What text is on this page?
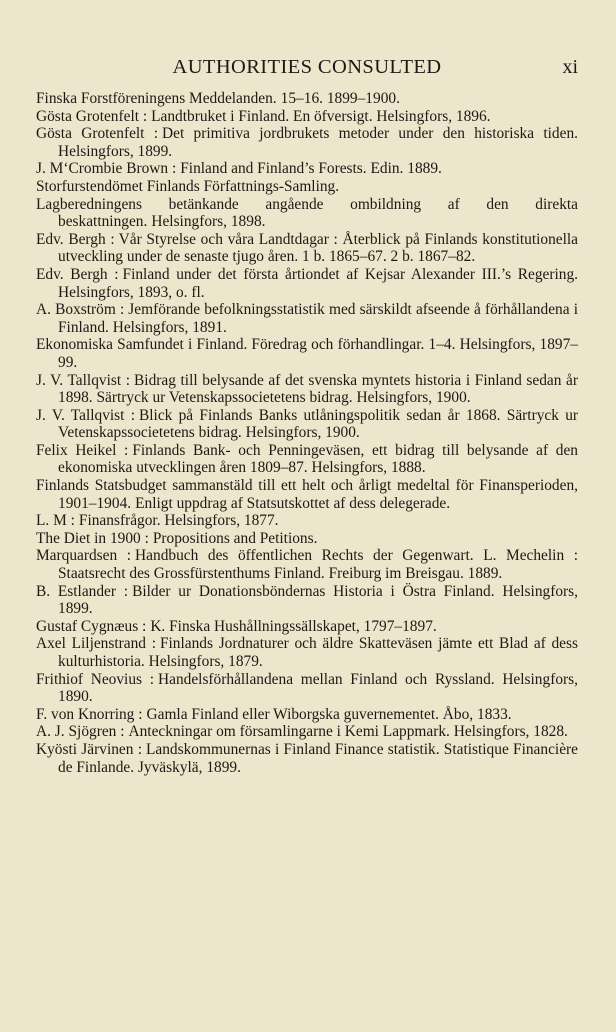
AUTHORITIES CONSULTED	xi
Finska Forstföreningens Meddelanden. 15–16. 1899–1900.
Gösta Grotenfelt : Landtbruket i Finland. En öfversigt. Helsingfors, 1896.
Gösta Grotenfelt : Det primitiva jordbrukets metoder under den historiska tiden. Helsingfors, 1899.
J. M‘Crombie Brown : Finland and Finland’s Forests. Edin. 1889.
Storfurstendömet Finlands Författnings-Samling.
Lagberedningens betänkande angående ombildning af den direkta beskattningen. Helsingfors, 1898.
Edv. Bergh : Vår Styrelse och våra Landtdagar : Återblick på Finlands konstitutionella utveckling under de senaste tjugo åren. 1 b. 1865–67. 2 b. 1867–82.
Edv. Bergh : Finland under det första årtiondet af Kejsar Alexander III.’s Regering. Helsingfors, 1893, o. fl.
A. Boxström : Jemförande befolkningsstatistik med särskildt afseende å förhållandena i Finland. Helsingfors, 1891.
Ekonomiska Samfundet i Finland. Föredrag och förhandlingar. 1–4. Helsingfors, 1897–99.
J. V. Tallqvist : Bidrag till belysande af det svenska myntets historia i Finland sedan år 1898. Särtryck ur Vetenskapssocietetens bidrag. Helsingfors, 1900.
J. V. Tallqvist : Blick på Finlands Banks utlåningspolitik sedan år 1868. Särtryck ur Vetenskapssocietetens bidrag. Helsingfors, 1900.
Felix Heikel : Finlands Bank- och Penningeväsen, ett bidrag till belysande af den ekonomiska utvecklingen åren 1809–87. Helsingfors, 1888.
Finlands Statsbudget sammanstäld till ett helt och årligt medeltal för Finansperioden, 1901–1904. Enligt uppdrag af Statsutskottet af dess delegerade.
L. M : Finansfrågor. Helsingfors, 1877.
The Diet in 1900 : Propositions and Petitions.
Marquardsen : Handbuch des öffentlichen Rechts der Gegenwart. L. Mechelin : Staatsrecht des Grossfürstenthums Finland. Freiburg im Breisgau. 1889.
B. Estlander : Bilder ur Donationsböndernas Historia i Östra Finland. Helsingfors, 1899.
Gustaf Cygnæus : K. Finska Hushållningssällskapet, 1797–1897.
Axel Liljenstrand : Finlands Jordnaturer och äldre Skatteväsen jämte ett Blad af dess kulturhistoria. Helsingfors, 1879.
Frithiof Neovius : Handelsförhållandena mellan Finland och Ryssland. Helsingfors, 1890.
F. von Knorring : Gamla Finland eller Wiborgska guvernementet. Åbo, 1833.
A. J. Sjögren : Anteckningar om församlingarne i Kemi Lappmark. Helsingfors, 1828.
Kyösti Järvinen : Landskommunernas i Finland Finance statistik. Statistique Financière de Finlande. Jyväskylä, 1899.
